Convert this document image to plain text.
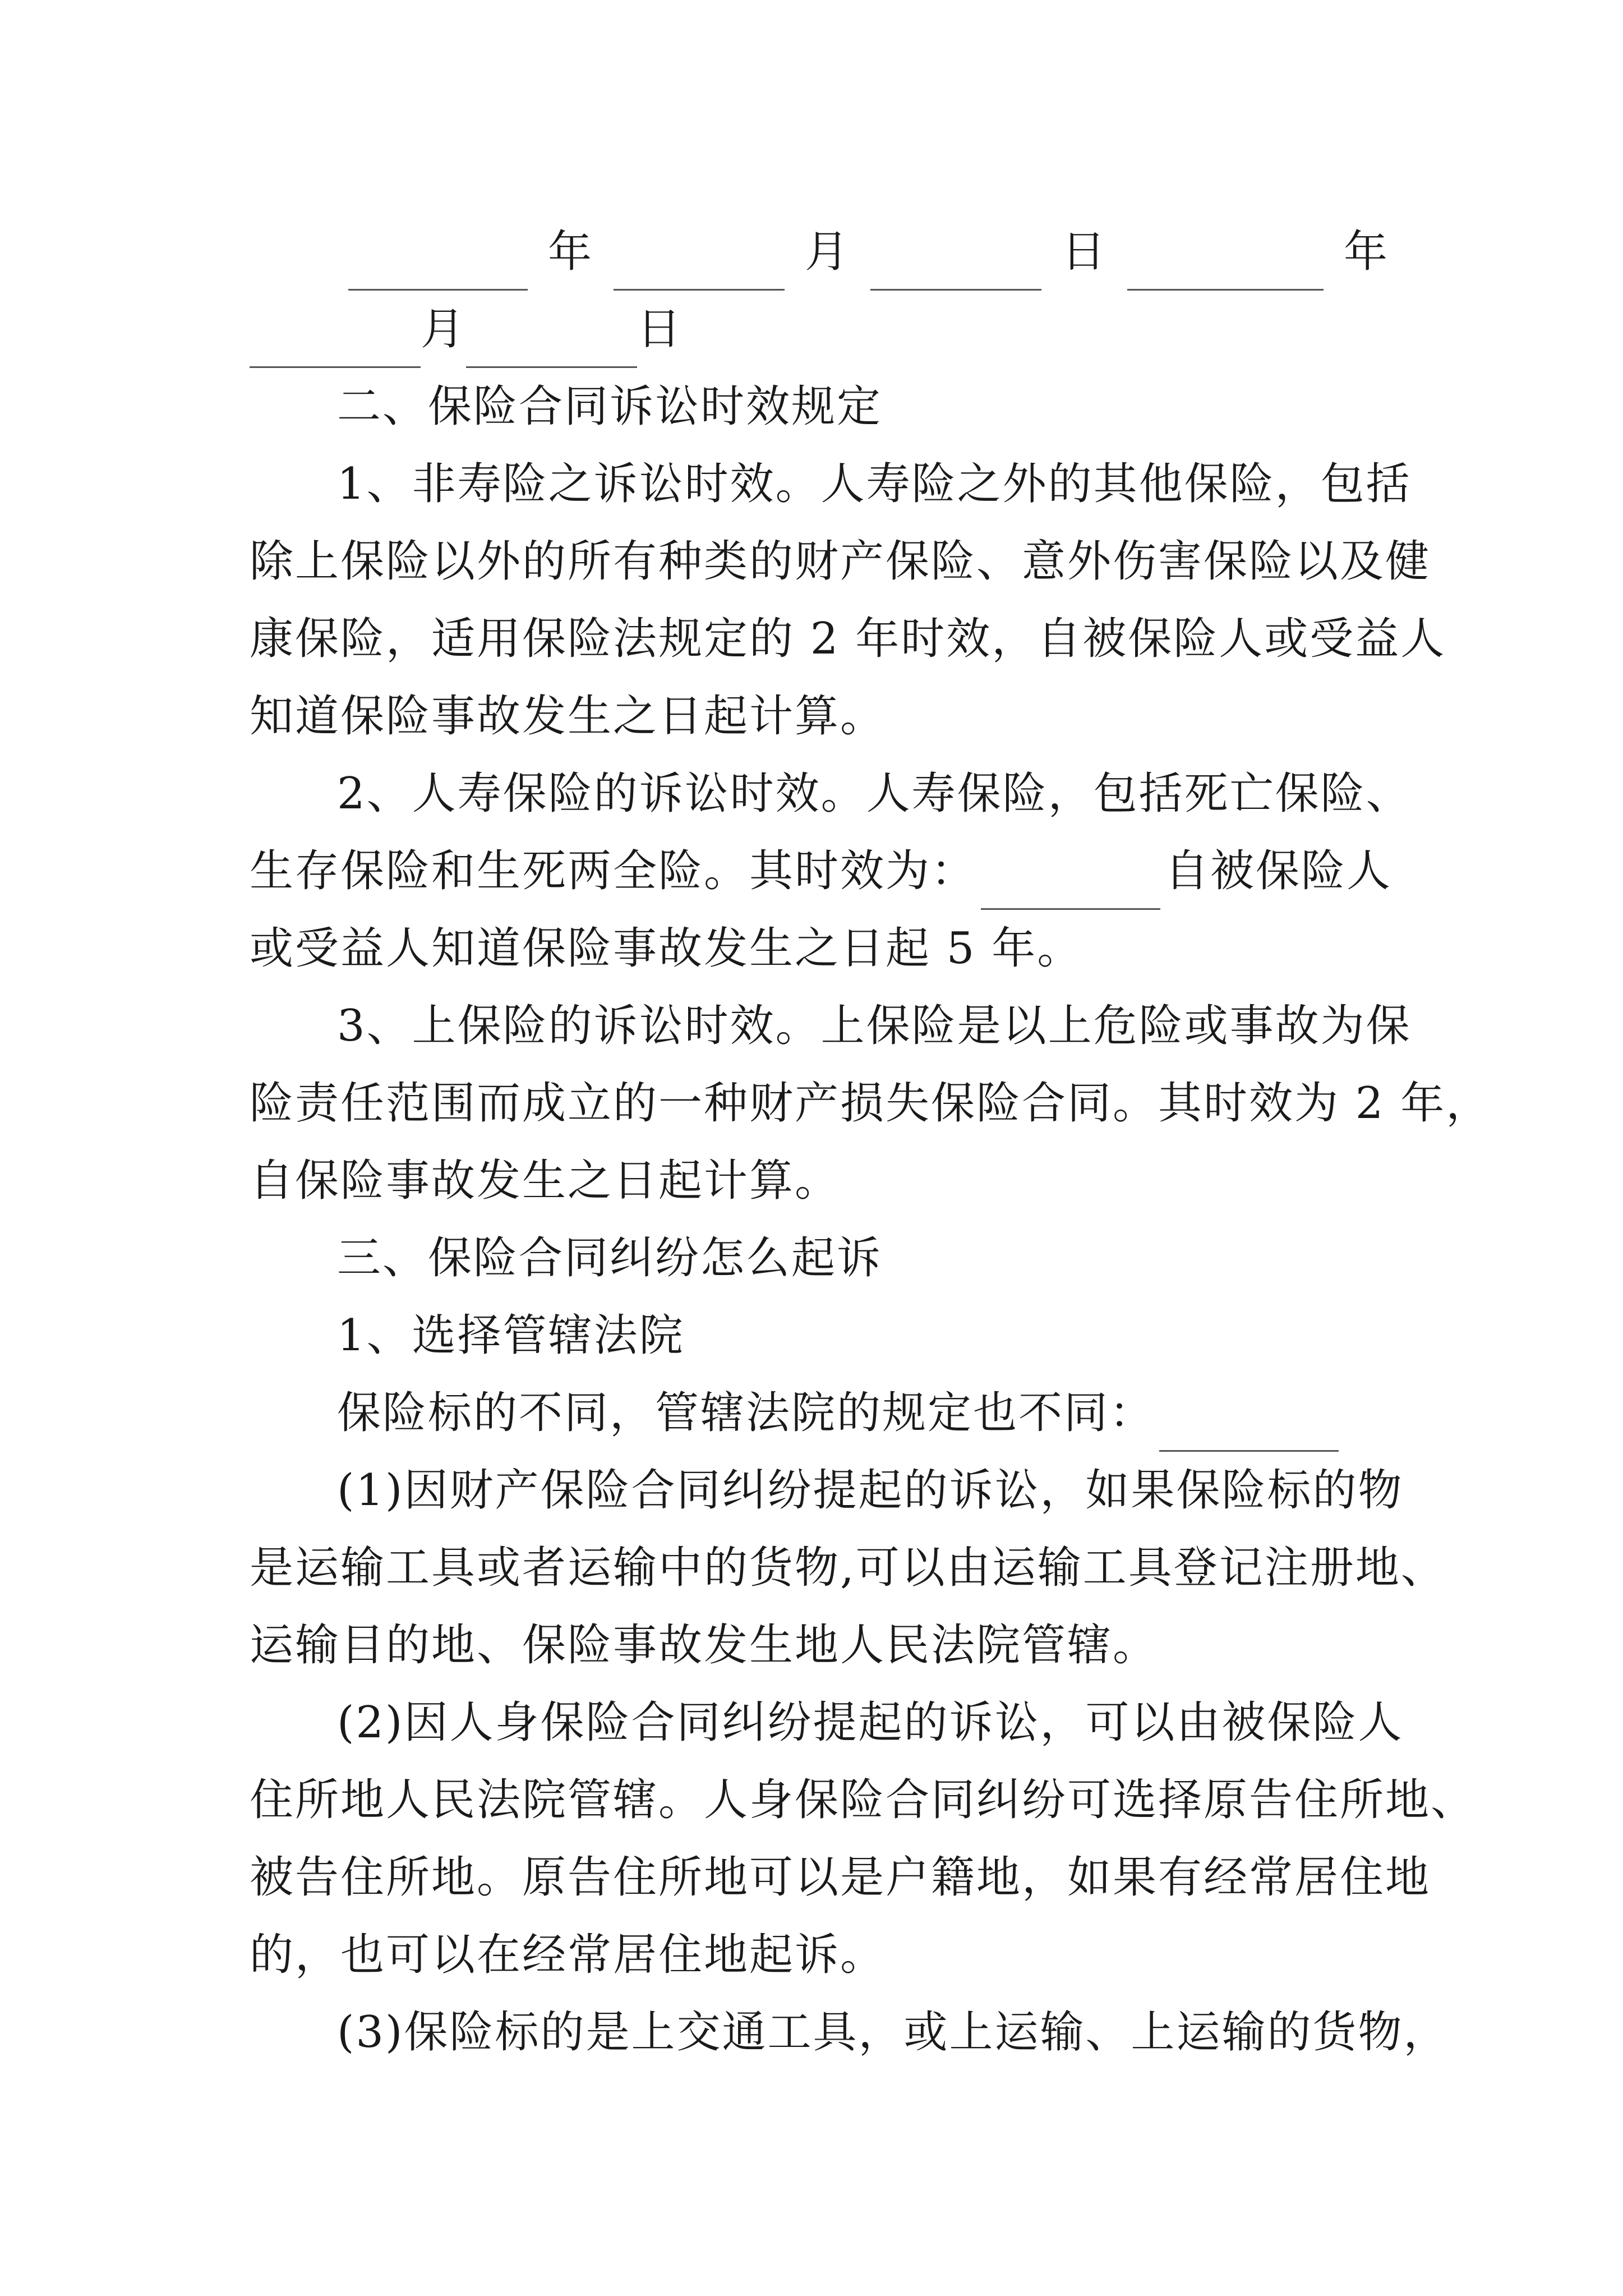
年	月	日	年
月	日
二、保险合同诉讼时效规定
1、非寿险之诉讼时效。人寿险之外的其他保险，包括
除上保险以外的所有种类的财产保险、意外伤害保险以及健
康保险，适用保险法规定的 2 年时效，自被保险人或受益人
知道保险事故发生之日起计算。
2、人寿保险的诉讼时效。人寿保险，包括死亡保险、
生存保险和生死两全险。其时效为：	自被保险人
或受益人知道保险事故发生之日起 5 年。
3、上保险的诉讼时效。上保险是以上危险或事故为保
险责任范围而成立的一种财产损失保险合同。其时效为 2 年，
自保险事故发生之日起计算。
三、保险合同纠纷怎么起诉
1、选择管辖法院
保险标的不同，管辖法院的规定也不同：
(1)因财产保险合同纠纷提起的诉讼，如果保险标的物
是运输工具或者运输中的货物,可以由运输工具登记注册地、
运输目的地、保险事故发生地人民法院管辖。
(2)因人身保险合同纠纷提起的诉讼，可以由被保险人
住所地人民法院管辖。人身保险合同纠纷可选择原告住所地、
被告住所地。原告住所地可以是户籍地，如果有经常居住地
的，也可以在经常居住地起诉。
(3)保险标的是上交通工具，或上运输、上运输的货物，
